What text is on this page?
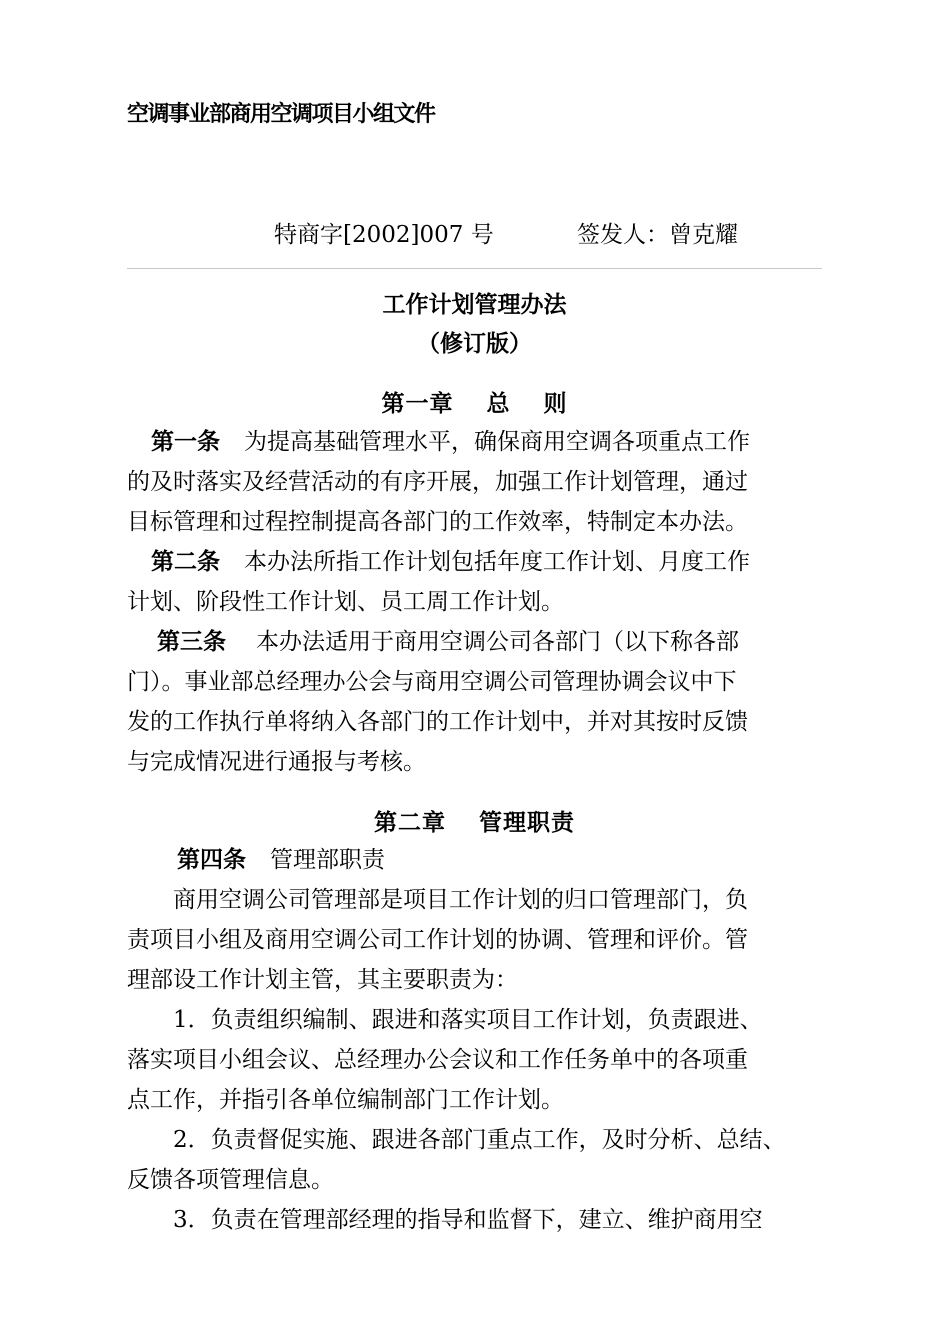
空调事业部商用空调项目小组文件
特商字[2002]007 号	签发人：曾克耀
工作计划管理办法
（修订版）
第一章　 总　 则
第一条 为提高基础管理水平，确保商用空调各项重点工作
的及时落实及经营活动的有序开展，加强工作计划管理，通过
目标管理和过程控制提高各部门的工作效率，特制定本办法。
第二条 本办法所指工作计划包括年度工作计划、月度工作
计划、阶段性工作计划、员工周工作计划。
第三条 本办法适用于商用空调公司各部门（以下称各部
门）。事业部总经理办公会与商用空调公司管理协调会议中下
发的工作执行单将纳入各部门的工作计划中，并对其按时反馈
与完成情况进行通报与考核。
第二章　 管理职责
第四条 管理部职责
商用空调公司管理部是项目工作计划的归口管理部门，负
责项目小组及商用空调公司工作计划的协调、管理和评价。管
理部设工作计划主管，其主要职责为：
1．负责组织编制、跟进和落实项目工作计划，负责跟进、
落实项目小组会议、总经理办公会议和工作任务单中的各项重
点工作，并指引各单位编制部门工作计划。
2．负责督促实施、跟进各部门重点工作，及时分析、总结、
反馈各项管理信息。
3．负责在管理部经理的指导和监督下，建立、维护商用空
